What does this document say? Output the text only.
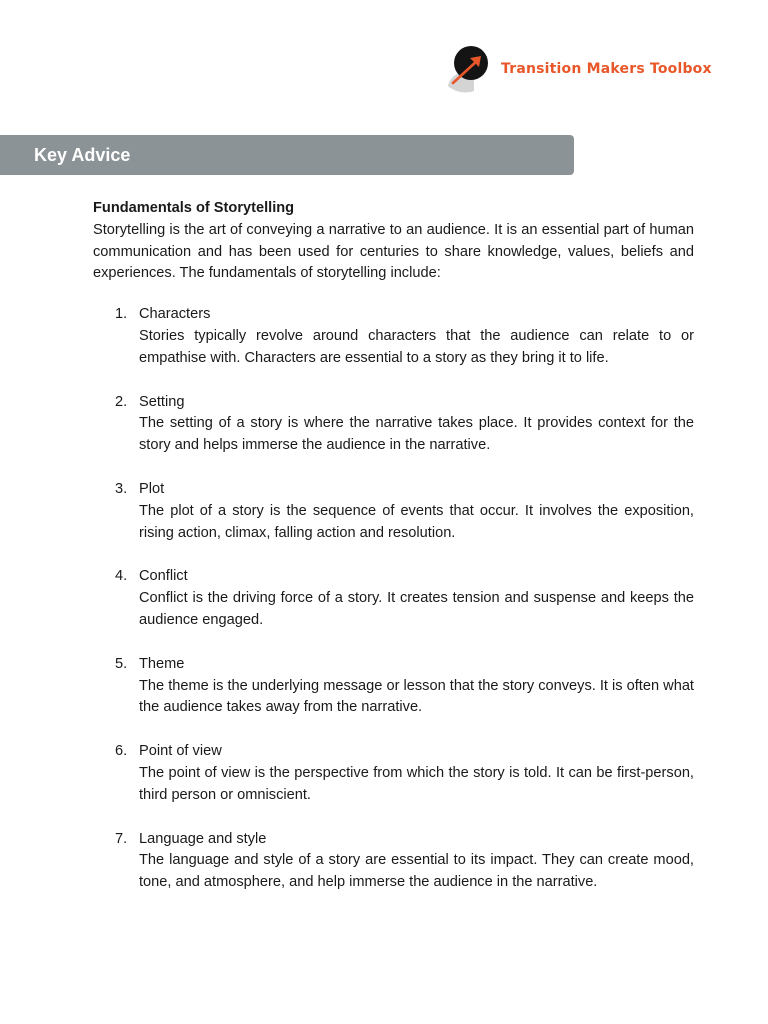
Transition Makers Toolbox
Key Advice

Fundamentals of Storytelling

Storytelling is the art of conveying a narrative to an audience. It is an essential part of human communication and has been used for centuries to share knowledge, values, beliefs and experiences. The fundamentals of storytelling include:

1. Characters
Stories typically revolve around characters that the audience can relate to or empathise with. Characters are essential to a story as they bring it to life.
2. Setting
The setting of a story is where the narrative takes place. It provides context for the story and helps immerse the audience in the narrative.
3. Plot
The plot of a story is the sequence of events that occur. It involves the exposition, rising action, climax, falling action and resolution.
4. Conflict
Conflict is the driving force of a story. It creates tension and suspense and keeps the audience engaged.
5. Theme
The theme is the underlying message or lesson that the story conveys. It is often what the audience takes away from the narrative.
6. Point of view
The point of view is the perspective from which the story is told. It can be first-person, third person or omniscient.
7. Language and style
The language and style of a story are essential to its impact. They can create mood, tone, and atmosphere, and help immerse the audience in the narrative.
